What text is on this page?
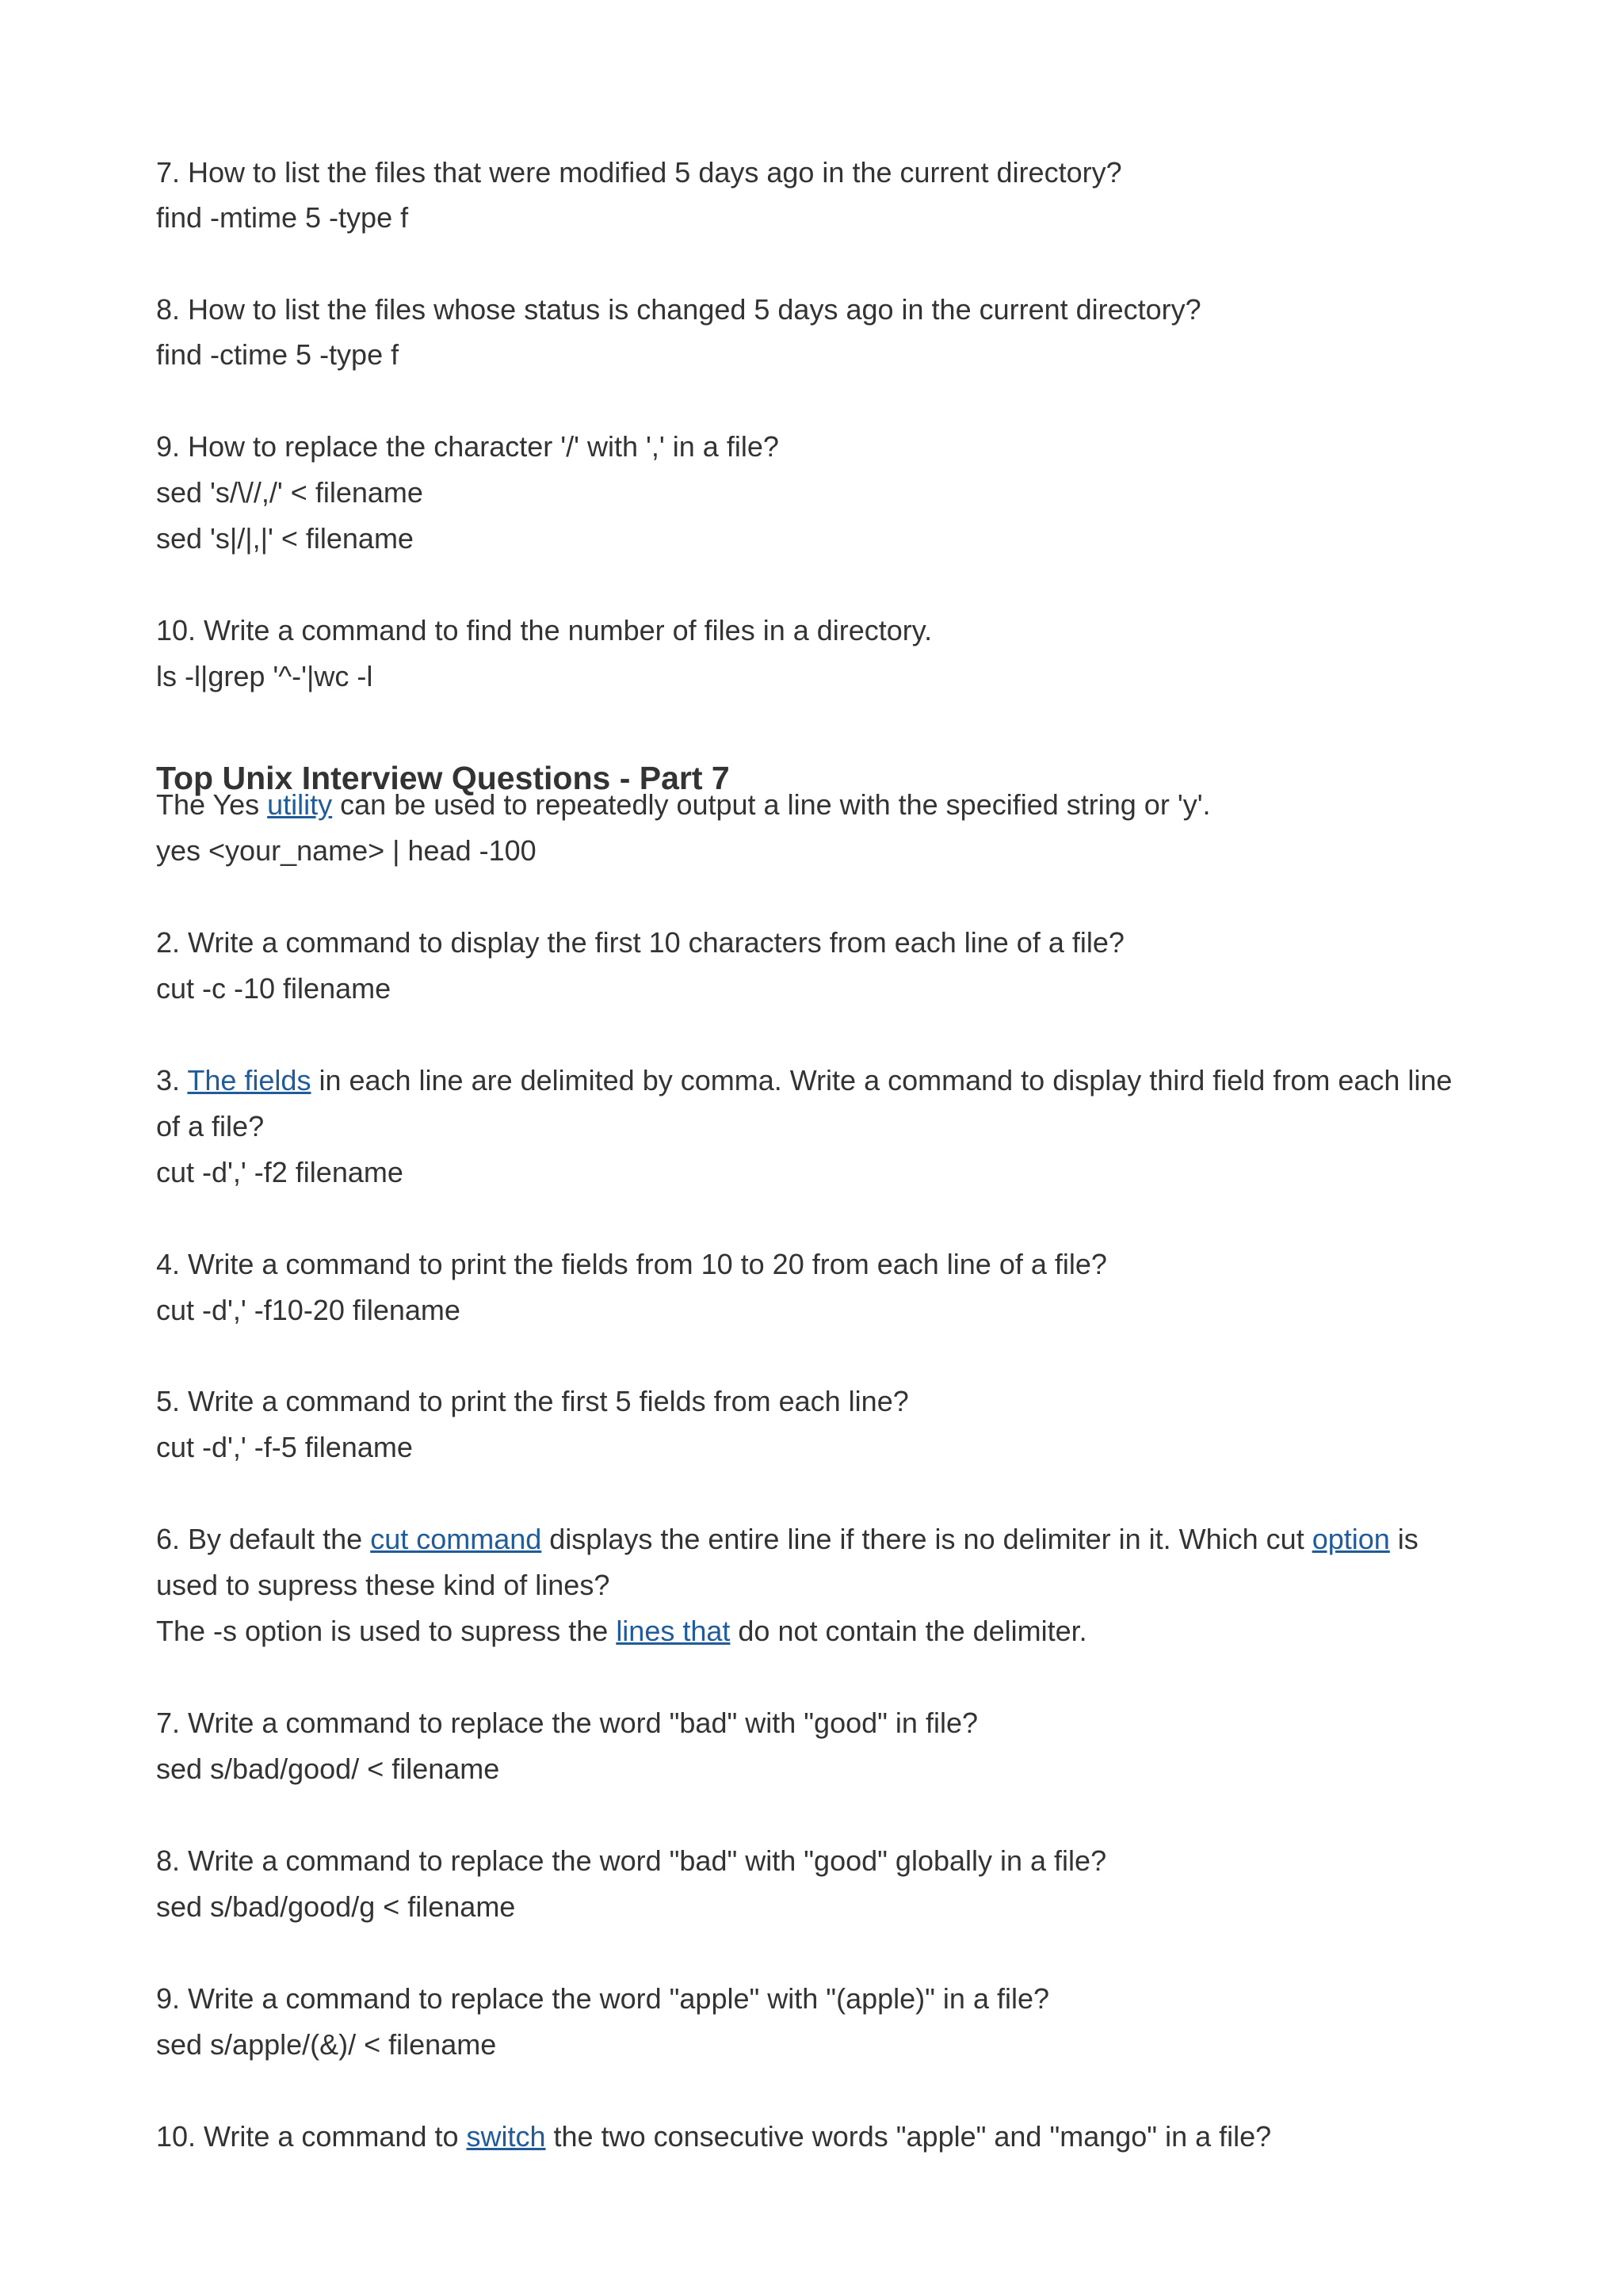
7. How to list the files that were modified 5 days ago in the current directory?
find -mtime 5 -type f
8. How to list the files whose status is changed 5 days ago in the current directory?
find -ctime 5 -type f
9. How to replace the character '/' with ',' in a file?
sed 's/\//,/' < filename
sed 's|/|,|' < filename
10. Write a command to find the number of files in a directory.
ls -l|grep '^-'|wc -l
Top Unix Interview Questions - Part 7
The Yes utility can be used to repeatedly output a line with the specified string or 'y'.
yes <your_name> | head -100
2. Write a command to display the first 10 characters from each line of a file?
cut -c -10 filename
3. The fields in each line are delimited by comma. Write a command to display third field from each line
of a file?
cut -d',' -f2 filename
4. Write a command to print the fields from 10 to 20 from each line of a file?
cut -d',' -f10-20 filename
5. Write a command to print the first 5 fields from each line?
cut -d',' -f-5 filename
6. By default the cut command displays the entire line if there is no delimiter in it. Which cut option is
used to supress these kind of lines?
The -s option is used to supress the lines that do not contain the delimiter.
7. Write a command to replace the word "bad" with "good" in file?
sed s/bad/good/ < filename
8. Write a command to replace the word "bad" with "good" globally in a file?
sed s/bad/good/g < filename
9. Write a command to replace the word "apple" with "(apple)" in a file?
sed s/apple/(&)/ < filename
10. Write a command to switch the two consecutive words "apple" and "mango" in a file?
